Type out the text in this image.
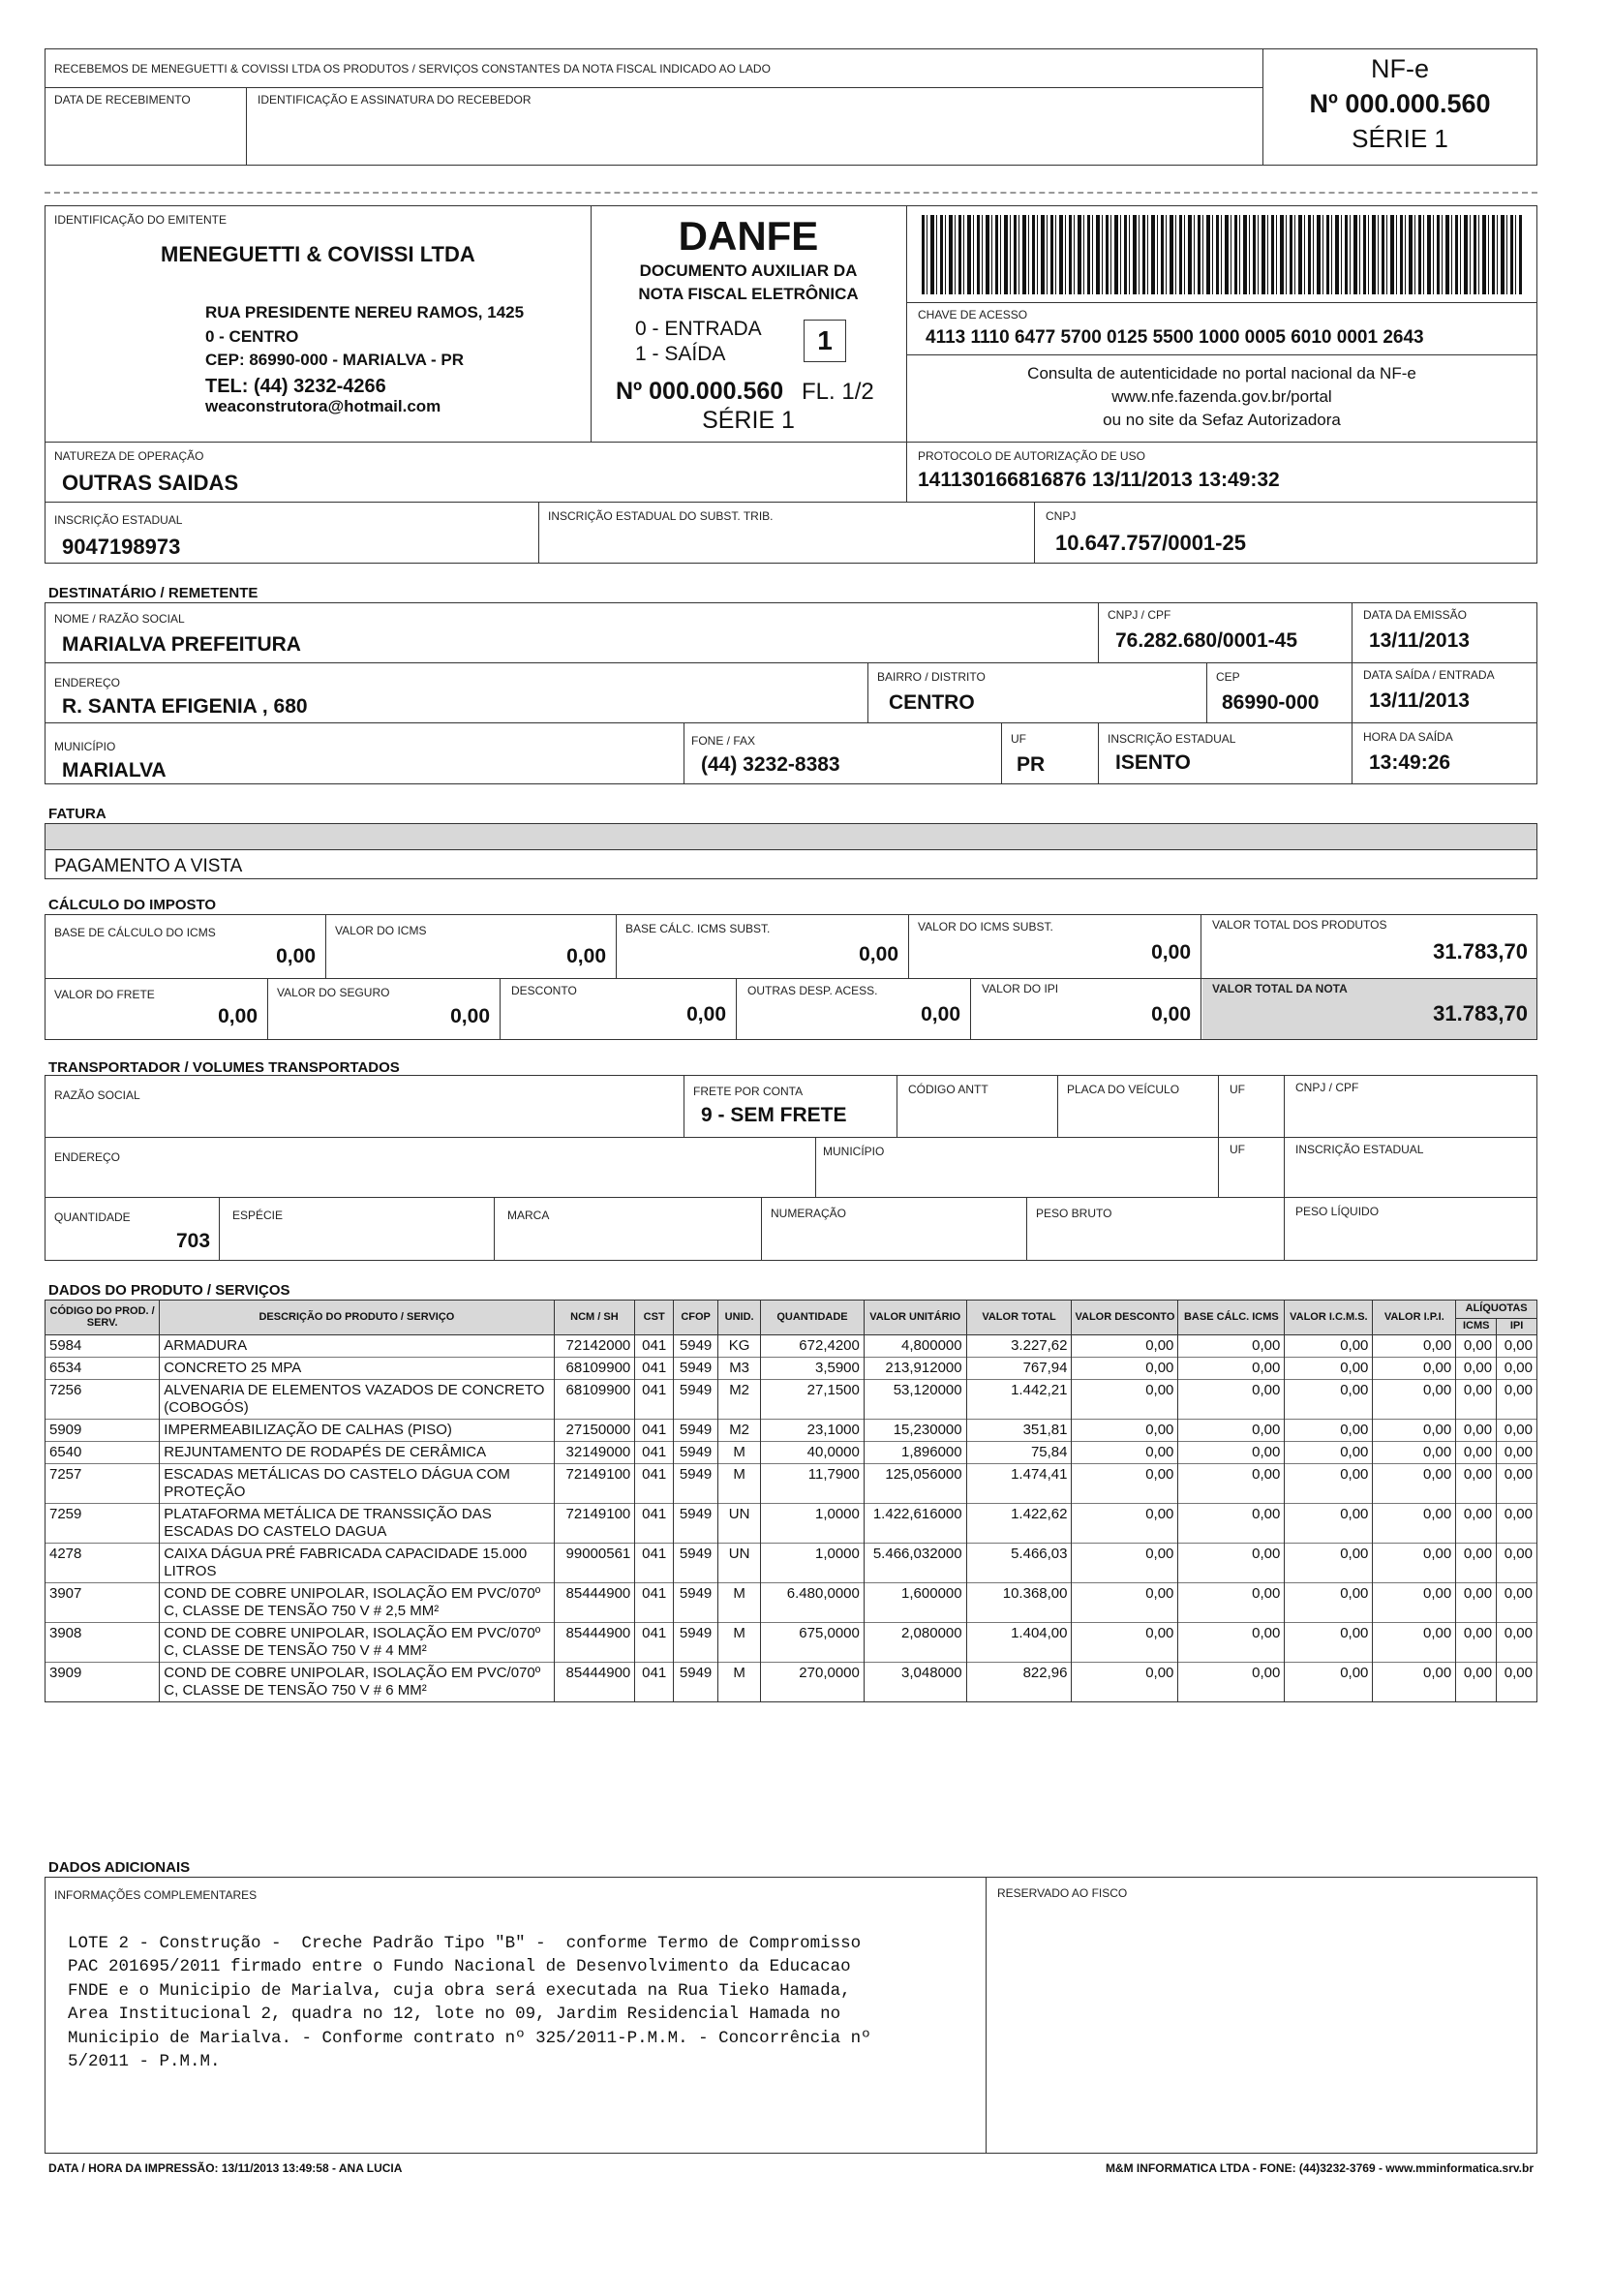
RECEBEMOS DE MENEGUETTI & COVISSI LTDA OS PRODUTOS / SERVIÇOS CONSTANTES DA NOTA FISCAL INDICADO AO LADO
DATA DE RECEBIMENTO	IDENTIFICAÇÃO E ASSINATURA DO RECEBEDOR
NF-e
Nº 000.000.560
SÉRIE 1
IDENTIFICAÇÃO DO EMITENTE
MENEGUETTI & COVISSI LTDA
RUA PRESIDENTE NEREU RAMOS, 1425
0 - CENTRO
CEP: 86990-000 - MARIALVA - PR
TEL: (44) 3232-4266
weaconstrutora@hotmail.com
DANFE
DOCUMENTO AUXILIAR DA
NOTA FISCAL ELETRÔNICA
0 - ENTRADA
1 - SAÍDA	1
Nº 000.000.560 FL. 1/2
SÉRIE 1
CHAVE DE ACESSO
4113 1110 6477 5700 0125 5500 1000 0005 6010 0001 2643
Consulta de autenticidade no portal nacional da NF-e
www.nfe.fazenda.gov.br/portal
ou no site da Sefaz Autorizadora
NATUREZA DE OPERAÇÃO
OUTRAS SAIDAS
PROTOCOLO DE AUTORIZAÇÃO DE USO
141130166816876 13/11/2013 13:49:32
INSCRIÇÃO ESTADUAL
9047198973
INSCRIÇÃO ESTADUAL DO SUBST. TRIB.	CNPJ
10.647.757/0001-25
DESTINATÁRIO / REMETENTE
NOME / RAZÃO SOCIAL
MARIALVA PREFEITURA
CNPJ / CPF
76.282.680/0001-45
DATA DA EMISSÃO
13/11/2013
ENDEREÇO
R. SANTA EFIGENIA , 680
BAIRRO / DISTRITO
CENTRO
CEP
86990-000
DATA SAÍDA / ENTRADA
13/11/2013
MUNICÍPIO
MARIALVA
FONE / FAX
(44) 3232-8383
UF
PR
INSCRIÇÃO ESTADUAL
ISENTO
HORA DA SAÍDA
13:49:26
FATURA
PAGAMENTO A VISTA
CÁLCULO DO IMPOSTO
BASE DE CÁLCULO DO ICMS
0,00
VALOR DO ICMS
0,00
BASE CÁLC. ICMS SUBST.
0,00
VALOR DO ICMS SUBST.
0,00
VALOR TOTAL DOS PRODUTOS
31.783,70
VALOR DO FRETE
0,00
VALOR DO SEGURO
0,00
DESCONTO
0,00
OUTRAS DESP. ACESS.
0,00
VALOR DO IPI
0,00
VALOR TOTAL DA NOTA
31.783,70
TRANSPORTADOR / VOLUMES TRANSPORTADOS
RAZÃO SOCIAL	FRETE POR CONTA
9 - SEM FRETE
CÓDIGO ANTT	PLACA DO VEÍCULO	UF	CNPJ / CPF
ENDEREÇO	MUNICÍPIO	UF	INSCRIÇÃO ESTADUAL
QUANTIDADE
703
ESPÉCIE	MARCA	NUMERAÇÃO	PESO BRUTO	PESO LÍQUIDO
DADOS DO PRODUTO / SERVIÇOS
CÓDIGO DO PROD. / SERV.	DESCRIÇÃO DO PRODUTO / SERVIÇO	NCM / SH	CST	CFOP	UNID.	QUANTIDADE	VALOR UNITÁRIO	VALOR TOTAL	VALOR DESCONTO	BASE CÁLC. ICMS	VALOR I.C.M.S.	VALOR I.P.I.	ALÍQUOTAS	
													ICMS	IPI
5984	ARMADURA	72142000	041	5949	KG	672,4200	4,800000	3.227,62	0,00	0,00	0,00	0,00	0,00	0,00
6534	CONCRETO 25 MPA	68109900	041	5949	M3	3,5900	213,912000	767,94	0,00	0,00	0,00	0,00	0,00	0,00
7256	ALVENARIA DE ELEMENTOS VAZADOS DE CONCRETO (COBOGÓS)	68109900	041	5949	M2	27,1500	53,120000	1.442,21	0,00	0,00	0,00	0,00	0,00	0,00
5909	IMPERMEABILIZAÇÃO DE CALHAS (PISO)	27150000	041	5949	M2	23,1000	15,230000	351,81	0,00	0,00	0,00	0,00	0,00	0,00
6540	REJUNTAMENTO DE RODAPÉS DE CERÂMICA	32149000	041	5949	M	40,0000	1,896000	75,84	0,00	0,00	0,00	0,00	0,00	0,00
7257	ESCADAS METÁLICAS DO CASTELO DÁGUA COM PROTEÇÃO	72149100	041	5949	M	11,7900	125,056000	1.474,41	0,00	0,00	0,00	0,00	0,00	0,00
7259	PLATAFORMA METÁLICA DE TRANSSIÇÃO DAS ESCADAS DO CASTELO DAGUA	72149100	041	5949	UN	1,0000	1.422,616000	1.422,62	0,00	0,00	0,00	0,00	0,00	0,00
4278	CAIXA DÁGUA PRÉ FABRICADA CAPACIDADE 15.000 LITROS	99000561	041	5949	UN	1,0000	5.466,032000	5.466,03	0,00	0,00	0,00	0,00	0,00	0,00
3907	COND DE COBRE UNIPOLAR, ISOLAÇÃO EM PVC/070º C, CLASSE DE TENSÃO 750 V # 2,5 MM²	85444900	041	5949	M	6.480,0000	1,600000	10.368,00	0,00	0,00	0,00	0,00	0,00	0,00
3908	COND DE COBRE UNIPOLAR, ISOLAÇÃO EM PVC/070º C, CLASSE DE TENSÃO 750 V # 4 MM²	85444900	041	5949	M	675,0000	2,080000	1.404,00	0,00	0,00	0,00	0,00	0,00	0,00
3909	COND DE COBRE UNIPOLAR, ISOLAÇÃO EM PVC/070º C, CLASSE DE TENSÃO 750 V # 6 MM²	85444900	041	5949	M	270,0000	3,048000	822,96	0,00	0,00	0,00	0,00	0,00	0,00
DADOS ADICIONAIS
INFORMAÇÕES COMPLEMENTARES

LOTE 2 - Construção -  Creche Padrão Tipo "B" -  conforme Termo de Compromisso
PAC 201695/2011 firmado entre o Fundo Nacional de Desenvolvimento da Educacao
FNDE e o Municipio de Marialva, cuja obra será executada na Rua Tieko Hamada,
Area Institucional 2, quadra no 12, lote no 09, Jardim Residencial Hamada no
Municipio de Marialva. - Conforme contrato nº 325/2011-P.M.M. - Concorrência nº
5/2011 - P.M.M.

RESERVADO AO FISCO
DATA / HORA DA IMPRESSÃO: 13/11/2013 13:49:58 - ANA LUCIA	M&M INFORMATICA LTDA - FONE: (44)3232-3769 - www.mminformatica.srv.br
